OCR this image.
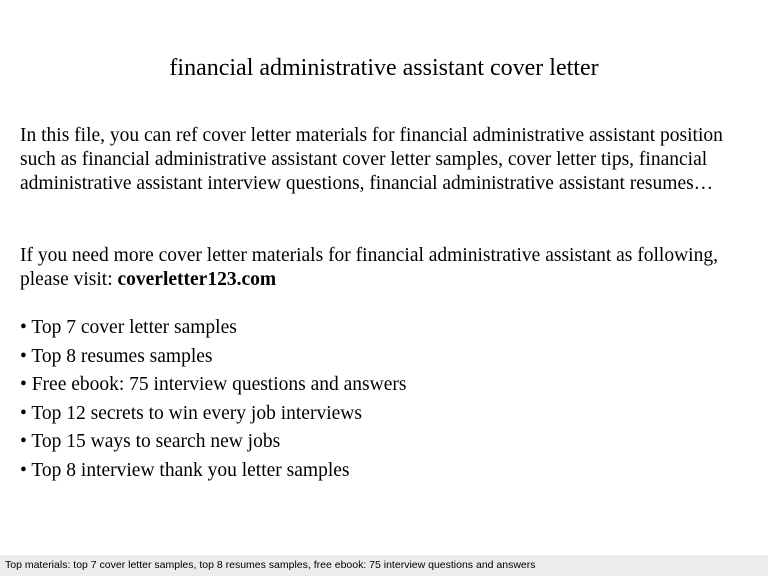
financial administrative assistant cover letter

In this file, you can ref cover letter materials for financial administrative assistant position such as financial administrative assistant cover letter samples, cover letter tips, financial administrative assistant interview questions, financial administrative assistant resumes…

If you need more cover letter materials for financial administrative assistant as following, please visit: coverletter123.com

• Top 7 cover letter samples
• Top 8 resumes samples
• Free ebook: 75 interview questions and answers
• Top 12 secrets to win every job interviews
• Top 15 ways to search new jobs
• Top 8 interview thank you letter samples
Top materials: top 7 cover letter samples, top 8 resumes samples, free ebook: 75 interview questions and answers
